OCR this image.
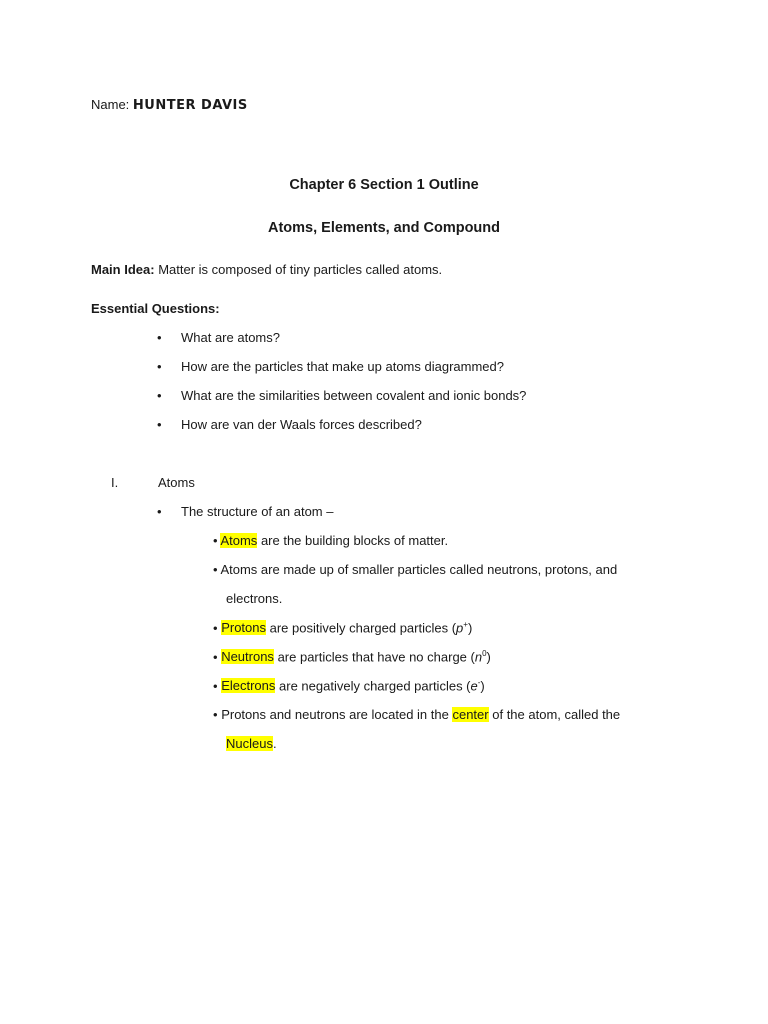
Name: HUNTER DAVIS
Chapter 6 Section 1 Outline
Atoms, Elements, and Compound
Main Idea: Matter is composed of tiny particles called atoms.
Essential Questions:
• What are atoms?
• How are the particles that make up atoms diagrammed?
• What are the similarities between covalent and ionic bonds?
• How are van der Waals forces described?
I.	Atoms
• The structure of an atom –
• Atoms are the building blocks of matter.
• Atoms are made up of smaller particles called neutrons, protons, and
electrons.
• Protons are positively charged particles (p+)
• Neutrons are particles that have no charge $(n^0)$
• Electrons are negatively charged particles (e-)
• Protons and neutrons are located in the center of the atom, called the
Nucleus.
